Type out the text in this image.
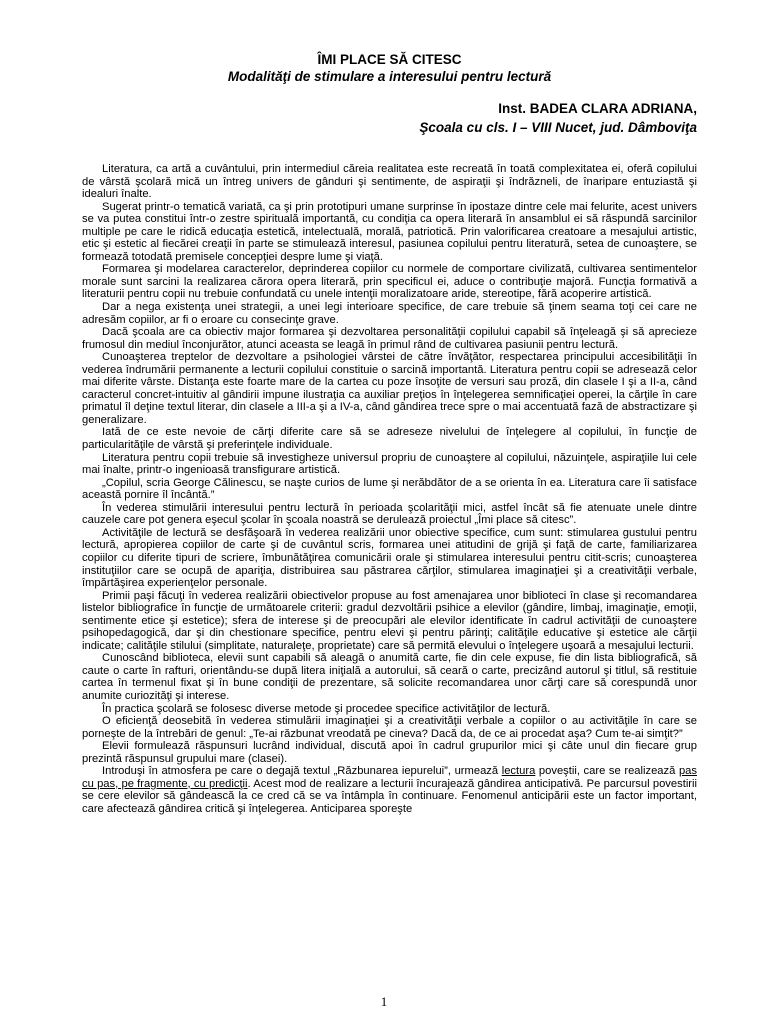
ÎMI PLACE SĂ CITESC

Modalităţi de stimulare a interesului pentru lectură

Inst. BADEA CLARA ADRIANA,
Şcoala cu cls. I – VIII Nucet, jud. Dâmboviţa

Literatura, ca artă a cuvântului, prin intermediul căreia realitatea este recreată în toată complexitatea ei, oferă copilului de vârstă şcolară mică un întreg univers de gânduri şi sentimente, de aspiraţii şi îndrăzneli, de înaripare entuziastă şi idealuri înalte.

Sugerat printr-o tematică variată, ca şi prin prototipuri umane surprinse în ipostaze dintre cele mai felurite, acest univers se va putea constitui într-o zestre spirituală importantă, cu condiţia ca opera literară în ansamblul ei să răspundă sarcinilor multiple pe care le ridică educaţia estetică, intelectuală, morală, patriotică. Prin valorificarea creatoare a mesajului artistic, etic şi estetic al fiecărei creaţii în parte se stimulează interesul, pasiunea copilului pentru literatură, setea de cunoaştere, se formează totodată premisele concepţiei despre lume şi viaţă.

Formarea şi modelarea caracterelor, deprinderea copiilor cu normele de comportare civilizată, cultivarea sentimentelor morale sunt sarcini la realizarea cărora opera literară, prin specificul ei, aduce o contribuţie majoră. Funcţia formativă a literaturii pentru copii nu trebuie confundată cu unele intenţii moralizatoare aride, stereotipe, fără acoperire artistică.

Dar a nega existenţa unei strategii, a unei legi interioare specifice, de care trebuie să ţinem seama toţi cei care ne adresăm copiilor, ar fi o eroare cu consecinţe grave.

Dacă şcoala are ca obiectiv major formarea şi dezvoltarea personalităţii copilului capabil să înţeleagă şi să aprecieze frumosul din mediul înconjurător, atunci aceasta se leagă în primul rând de cultivarea pasiunii pentru lectură.

Cunoaşterea treptelor de dezvoltare a psihologiei vârstei de către învăţător, respectarea principului accesibilităţii în vederea îndrumării permanente a lecturii copilului constituie o sarcină importantă. Literatura pentru copii se adresează celor mai diferite vârste. Distanţa este foarte mare de la cartea cu poze însoţite de versuri sau proză, din clasele I şi a II-a, când caracterul concret-intuitiv al gândirii impune ilustraţia ca auxiliar preţios în înţelegerea semnificaţiei operei, la cărţile în care primatul îl deţine textul literar, din clasele a III-a şi a IV-a, când gândirea trece spre o mai accentuată fază de abstractizare şi generalizare.

Iată de ce este nevoie de cărţi diferite care să se adreseze nivelului de înţelegere al copilului, în funcţie de particularităţile de vârstă şi preferinţele individuale.

Literatura pentru copii trebuie să investigheze universul propriu de cunoaştere al copilului, năzuinţele, aspiraţiile lui cele mai înalte, printr-o ingenioasă transfigurare artistică.

„Copilul, scria George Călinescu, se naşte curios de lume şi nerăbdător de a se orienta în ea. Literatura care îi satisface această pornire îl încântă.”

În vederea stimulării interesului pentru lectură în perioada şcolarităţii mici, astfel încât să fie atenuate unele dintre cauzele care pot genera eşecul şcolar în şcoala noastră se derulează proiectul „Îmi place să citesc”.

Activităţile de lectură se desfăşoară în vederea realizării unor obiective specifice, cum sunt: stimularea gustului pentru lectură, apropierea copiilor de carte şi de cuvântul scris, formarea unei atitudini de grijă şi faţă de carte, familiarizarea copiilor cu diferite tipuri de scriere, îmbunătăţirea comunicării orale şi stimularea interesului pentru citit-scris; cunoaşterea instituţiilor care se ocupă de apariţia, distribuirea sau păstrarea cărţilor, stimularea imaginaţiei şi a creativităţii verbale, împărtăşirea experienţelor personale.

Primii paşi făcuţi în vederea realizării obiectivelor propuse au fost amenajarea unor biblioteci în clase şi recomandarea listelor bibliografice în funcţie de următoarele criterii: gradul dezvoltării psihice a elevilor (gândire, limbaj, imaginaţie, emoţii, sentimente etice şi estetice); sfera de interese şi de preocupări ale elevilor identificate în cadrul activităţii de cunoaştere psihopedagogică, dar şi din chestionare specifice, pentru elevi şi pentru părinţi; calităţile educative şi estetice ale cărţii indicate; calităţile stilului (simplitate, naturaleţe, proprietate) care să permită elevului o înţelegere uşoară a mesajului lecturii.

Cunoscând biblioteca, elevii sunt capabili să aleagă o anumită carte, fie din cele expuse, fie din lista bibliografică, să caute o carte în rafturi, orientându-se după litera iniţială a autorului, să ceară o carte, precizând autorul şi titlul, să restituie cartea în termenul fixat şi în bune condiţii de prezentare, să solicite recomandarea unor cărţi care să corespundă unor anumite curiozităţi şi interese.

În practica şcolară se folosesc diverse metode şi procedee specifice activităţilor de lectură.

O eficienţă deosebită în vederea stimulării imaginaţiei şi a creativităţii verbale a copiilor o au activităţile în care se porneşte de la întrebări de genul: „Te-ai răzbunat vreodată pe cineva? Dacă da, de ce ai procedat aşa? Cum te-ai simţit?”

Elevii formulează răspunsuri lucrând individual, discută apoi în cadrul grupurilor mici şi câte unul din fiecare grup prezintă răspunsul grupului mare (clasei).

Introduşi în atmosfera pe care o degajă textul „Răzbunarea iepurelui”, urmează lectura poveştii, care se realizează pas cu pas, pe fragmente, cu predicţii. Acest mod de realizare a lecturii încurajează gândirea anticipativă. Pe parcursul povestirii se cere elevilor să gândească la ce cred că se va întâmpla în continuare. Fenomenul anticipării este un factor important, care afectează gândirea critică şi înţelegerea. Anticiparea sporeşte

1
